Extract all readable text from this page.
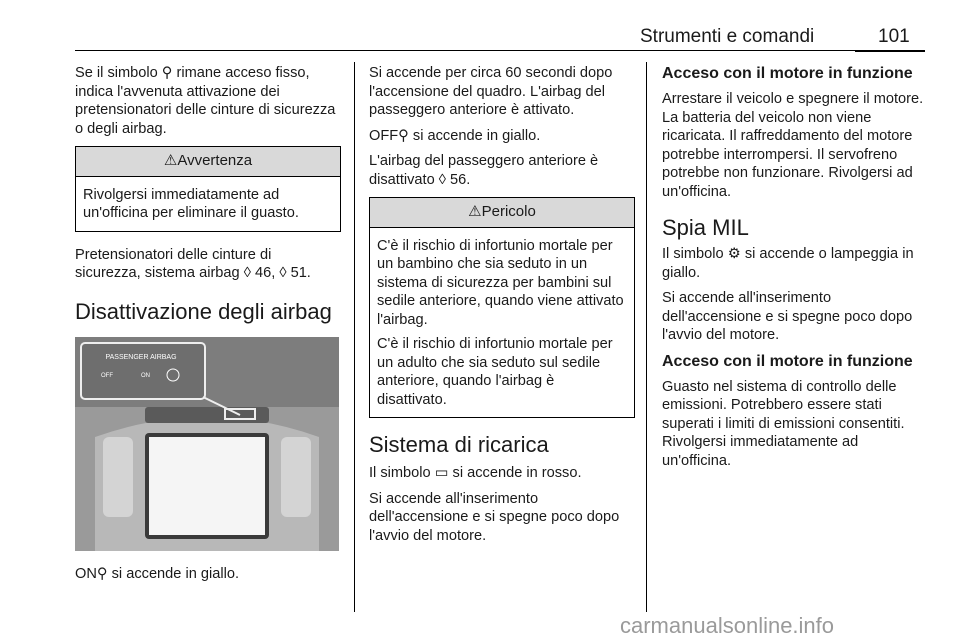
Strumenti e comandi	101

Se il simbolo ⚲ rimane acceso fisso, indica l'avvenuta attivazione dei pretensionatori delle cinture di sicurezza o degli airbag.

⚠Avvertenza

Rivolgersi immediatamente ad un'officina per eliminare il guasto.

Pretensionatori delle cinture di sicurezza, sistema airbag ◊ 46, ◊ 51.

Disattivazione degli airbag
PASSENGER AIRBAG
OFF	ON

ON⚲ si accende in giallo.

Si accende per circa 60 secondi dopo l'accensione del quadro. L'airbag del passeggero anteriore è attivato.

OFF⚲ si accende in giallo.

L'airbag del passeggero anteriore è disattivato ◊ 56.

⚠Pericolo

C'è il rischio di infortunio mortale per un bambino che sia seduto in un sistema di sicurezza per bambini sul sedile anteriore, quando viene attivato l'airbag.

C'è il rischio di infortunio mortale per un adulto che sia seduto sul sedile anteriore, quando l'airbag è disattivato.

Sistema di ricarica

Il simbolo ▭ si accende in rosso.

Si accende all'inserimento dell'accensione e si spegne poco dopo l'avvio del motore.

Acceso con il motore in funzione

Arrestare il veicolo e spegnere il motore. La batteria del veicolo non viene ricaricata. Il raffreddamento del motore potrebbe interrompersi. Il servofreno potrebbe non funzionare. Rivolgersi ad un'officina.

Spia MIL

Il simbolo ⚙ si accende o lampeggia in giallo.

Si accende all'inserimento dell'accensione e si spegne poco dopo l'avvio del motore.

Acceso con il motore in funzione

Guasto nel sistema di controllo delle emissioni. Potrebbero essere stati superati i limiti di emissioni consentiti. Rivolgersi immediatamente ad un'officina.

carmanualsonline.info
